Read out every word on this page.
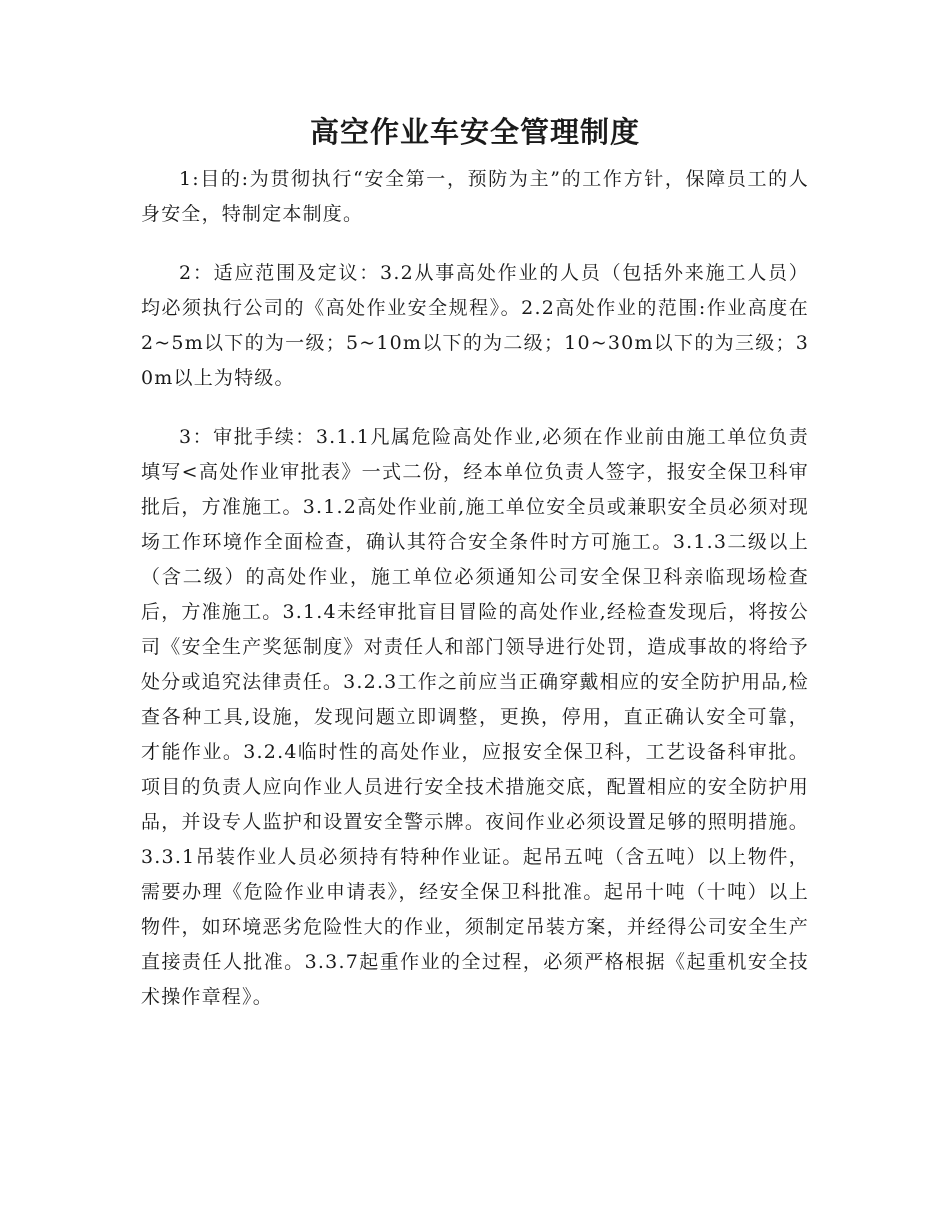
高空作业车安全管理制度

1:目的:为贯彻执行“安全第一，预防为主”的工作方针，保障员工的人身安全，特制定本制度。

2：适应范围及定议：3.2从事高处作业的人员（包括外来施工人员）均必须执行公司的《高处作业安全规程》。2.2高处作业的范围:作业高度在2~5m以下的为一级；5~10m以下的为二级；10~30m以下的为三级；30m以上为特级。

3：审批手续：3.1.1凡属危险高处作业,必须在作业前由施工单位负责填写<高处作业审批表》一式二份，经本单位负责人签字，报安全保卫科审批后，方准施工。3.1.2高处作业前,施工单位安全员或兼职安全员必须对现场工作环境作全面检查，确认其符合安全条件时方可施工。3.1.3二级以上（含二级）的高处作业，施工单位必须通知公司安全保卫科亲临现场检查后，方准施工。3.1.4未经审批盲目冒险的高处作业,经检查发现后，将按公司《安全生产奖惩制度》对责任人和部门领导进行处罚，造成事故的将给予处分或追究法律责任。3.2.3工作之前应当正确穿戴相应的安全防护用品,检查各种工具,设施，发现问题立即调整，更换，停用，直正确认安全可靠，才能作业。3.2.4临时性的高处作业，应报安全保卫科，工艺设备科审批。项目的负责人应向作业人员进行安全技术措施交底，配置相应的安全防护用品，并设专人监护和设置安全警示牌。夜间作业必须设置足够的照明措施。3.3.1吊装作业人员必须持有特种作业证。起吊五吨（含五吨）以上物件，需要办理《危险作业申请表》，经安全保卫科批准。起吊十吨（十吨）以上物件，如环境恶劣危险性大的作业，须制定吊装方案，并经得公司安全生产直接责任人批准。3.3.7起重作业的全过程，必须严格根据《起重机安全技术操作章程》。
